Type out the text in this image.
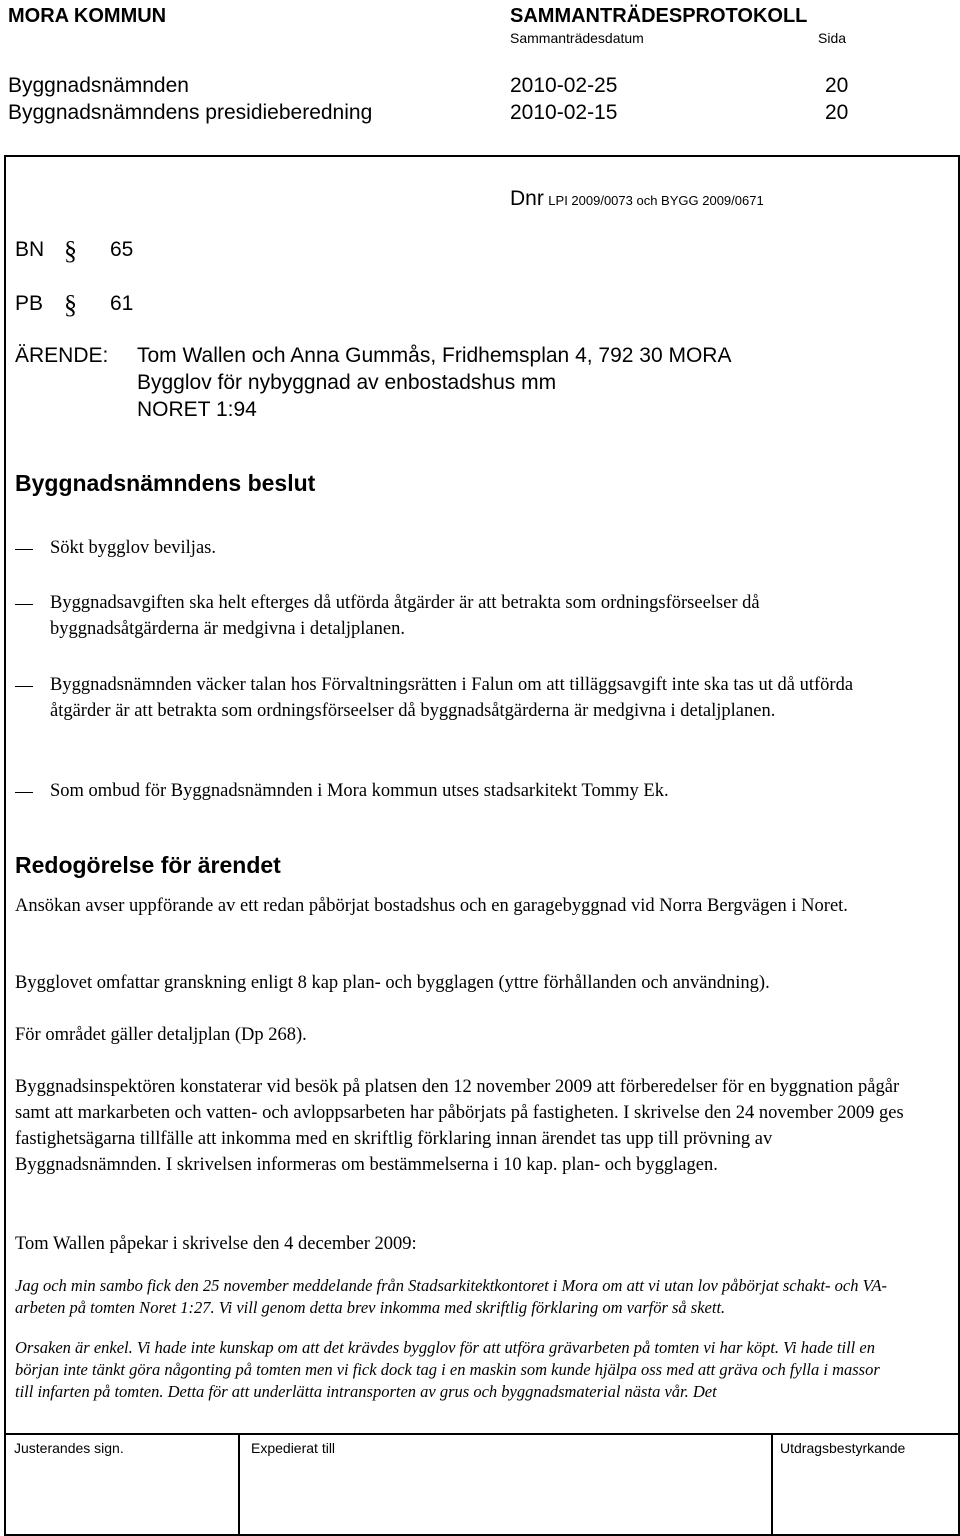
MORA KOMMUN	SAMMANTRÄDESPROTOKOLL
Sammanträdesdatum	Sida
Byggnadsnämnden	2010-02-25	20
Byggnadsnämndens presidieberedning	2010-02-15	20
Dnr LPI 2009/0073 och BYGG 2009/0671
BN § 65
PB § 61
ÄRENDE: Tom Wallen och Anna Gummås, Fridhemsplan 4, 792 30 MORA
Bygglov för nybyggnad av enbostadshus mm
NORET 1:94
Byggnadsnämndens beslut
Sökt bygglov beviljas.
Byggnadsavgiften ska helt efterges då utförda åtgärder är att betrakta som ordningsförseelser då byggnadsåtgärderna är medgivna i detaljplanen.
Byggnadsnämnden väcker talan hos Förvaltningsrätten i Falun om att tilläggsavgift inte ska tas ut då utförda åtgärder är att betrakta som ordningsförseelser då byggnadsåtgärderna är medgivna i detaljplanen.
Som ombud för Byggnadsnämnden i Mora kommun utses stadsarkitekt Tommy Ek.
Redogörelse för ärendet
Ansökan avser uppförande av ett redan påbörjat bostadshus och en garagebyggnad vid Norra Bergvägen i Noret.
Bygglovet omfattar granskning enligt 8 kap plan- och bygglagen (yttre förhållanden och användning).
För området gäller detaljplan (Dp 268).
Byggnadsinspektören konstaterar vid besök på platsen den 12 november 2009 att förberedelser för en byggnation pågår samt att markarbeten och vatten- och avloppsarbeten har påbörjats på fastigheten. I skrivelse den 24 november 2009 ges fastighetsägarna tillfälle att inkomma med en skriftlig förklaring innan ärendet tas upp till prövning av Byggnadsnämnden. I skrivelsen informeras om bestämmelserna i 10 kap. plan- och bygglagen.
Tom Wallen påpekar i skrivelse den 4 december 2009:
Jag och min sambo fick den 25 november meddelande från Stadsarkitektkontoret i Mora om att vi utan lov påbörjat schakt- och VA-arbeten på tomten Noret 1:27. Vi vill genom detta brev inkomma med skriftlig förklaring om varför så skett.
Orsaken är enkel. Vi hade inte kunskap om att det krävdes bygglov för att utföra grävarbeten på tomten vi har köpt. Vi hade till en början inte tänkt göra någonting på tomten men vi fick dock tag i en maskin som kunde hjälpa oss med att gräva och fylla i massor till infarten på tomten. Detta för att underlätta intransporten av grus och byggnadsmaterial nästa vår. Det
Justerandes sign.	Expedierat till	Utdragsbestyrkande
